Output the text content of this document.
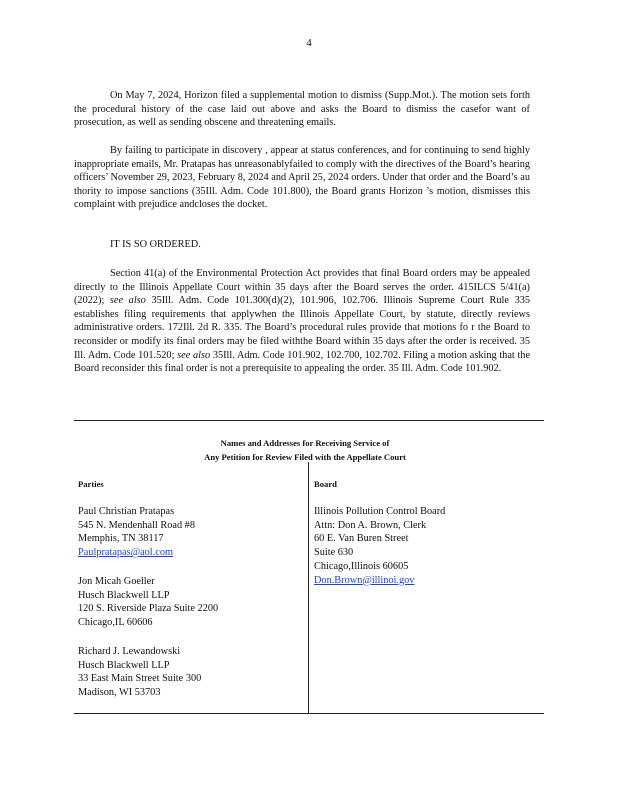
4

On May 7, 2024, Horizon filed a supplemental motion to dismiss (Supp.Mot.). The motion sets forth the procedural history of the case laid out above and asks the Board to dismiss the casefor want of prosecution, as well as sending obscene and threatening emails.

By failing to participate in discovery , appear at status conferences, and for continuing to send highly inappropriate emails, Mr. Pratapas has unreasonablyfailed to comply with the directives of the Board’s hearing officers’ November 29, 2023, February 8, 2024 and April 25, 2024 orders. Under that order and the Board’s au thority to impose sanctions (35Ill. Adm. Code 101.800), the Board grants Horizon ’s motion, dismisses this complaint with prejudice andcloses the docket.

IT IS SO ORDERED.

Section 41(a) of the Environmental Protection Act provides that final Board orders may be appealed directly to the Illinois Appellate Court within 35 days after the Board serves the order. 415ILCS 5/41(a) (2022); see also 35Ill. Adm. Code 101.300(d)(2), 101.906, 102.706. Illinois Supreme Court Rule 335 establishes filing requirements that applywhen the Illinois Appellate Court, by statute, directly reviews administrative orders. 172Ill. 2d R. 335. The Board’s procedural rules provide that motions fo r the Board to reconsider or modify its final orders may be filed withthe Board within 35 days after the order is received. 35 Ill. Adm. Code 101.520; see also 35Ill. Adm. Code 101.902, 102.700, 102.702. Filing a motion asking that the Board reconsider this final order is not a prerequisite to appealing the order. 35 Ill. Adm. Code 101.902.

Names and Addresses for Receiving Service of
Any Petition for Review Filed with the Appellate Court
Parties	Board
Paul Christian Pratapas
545 N. Mendenhall Road #8
Memphis, TN 38117
Paulpratapas@aol.com
Jon Micah Goeller
Husch Blackwell LLP
120 S. Riverside Plaza Suite 2200
Chicago,IL 60606
Richard J. Lewandowski
Husch Blackwell LLP
33 East Main Street Suite 300
Madison, WI 53703
Illinois Pollution Control Board
Attn: Don A. Brown, Clerk
60 E. Van Buren Street
Suite 630
Chicago,Illinois 60605
Don.Brown@illinoi.gov
